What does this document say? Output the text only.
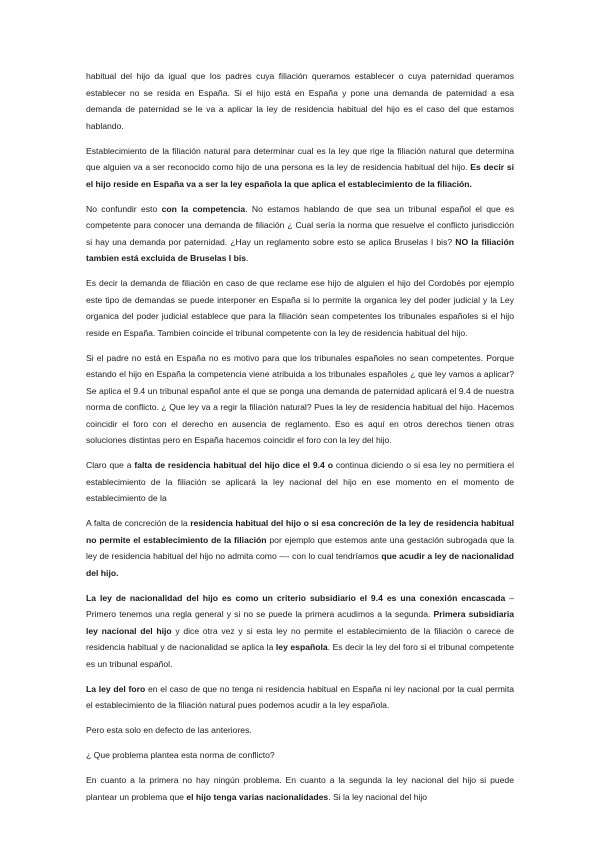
habitual del hijo da igual que los padres cuya filiación queramos establecer o cuya paternidad queramos establecer no se resida en España. Si el hijo está en España y pone una demanda de paternidad a esa demanda de paternidad se le va a aplicar la ley de residencia habitual del hijo es el caso del que estamos hablando.

Establecimiento de la filiación natural para determinar cual es la ley que rige la filiación natural que determina que alguien va a ser reconocido como hijo de una persona es la ley de residencia habitual del hijo. Es decir si el hijo reside en España va a ser la ley española la que aplica el establecimiento de la filiación.

No confundir esto con la competencia. No estamos hablando de que sea un tribunal español el que es competente para conocer una demanda de filiación ¿ Cual sería la norma que resuelve el conflicto jurisdicción si hay una demanda por paternidad. ¿Hay un reglamento sobre esto se aplica Bruselas I bis? NO la filiación tambien está excluida de Bruselas I bis.

Es decir la demanda de filiación en caso de que reclame ese hijo de alguien el hijo del Cordobés por ejemplo este tipo de demandas se puede interponer en España si lo permite la organica ley del poder judicial y la Ley organica del poder judicial establece que para la filiación sean competentes los tribunales españoles si el hijo reside en España. Tambien coincide el tribunal competente con la ley de residencia habitual del hijo.

Si el padre no está en España no es motivo para que los tribunales españoles no sean competentes. Porque estando el hijo en España la competencia viene atribuida a los tribunales españoles ¿ que ley vamos a aplicar? Se aplica el 9.4 un tribunal español ante el que se ponga una demanda de paternidad aplicará el 9.4 de nuestra norma de conflicto. ¿ Que ley va a regir la filiación natural? Pues la ley de residencia habitual del hijo. Hacemos coincidir el foro con el derecho en ausencia de reglamento. Eso es aquí en otros derechos tienen otras soluciones distintas pero en España hacemos coincidir el foro con la ley del hijo.

Claro que a falta de residencia habitual del hijo dice el 9.4 o continua diciendo o si esa ley no permitiera el establecimiento de la filiación se aplicará la ley nacional del hijo en ese momento en el momento de establecimiento de la

A falta de concreción de la residencia habitual del hijo o si esa concreción de la ley de residencia habitual no permite el establecimiento de la filiación por ejemplo que estemos ante una gestación subrogada que la ley de residencia habitual del hijo no admita como –-- con lo cual tendríamos que acudir a ley de nacionalidad del hijo.

La ley de nacionalidad del hijo es como un criterio subsidiario el 9.4 es una conexión encascada – Primero tenemos una regla general y si no se puede la primera acudimos a la segunda. Primera subsidiaria ley nacional del hijo y dice otra vez y si esta ley no permite el establecimiento de la filiación o carece de residencia habitual y de nacionalidad se aplica la ley española. Es decir la ley del foro si el tribunal competente es un tribunal español.

La ley del foro en el caso de que no tenga ni residencia habitual en España ni ley nacional por la cual permita el establecimiento de la filiación natural pues podemos acudir a la ley española.

Pero esta solo en defecto de las anteriores.

¿ Que problema plantea esta norma de conflicto?

En cuanto a la primera no hay ningún problema. En cuanto a la segunda la ley nacional del hijo si puede plantear un problema que el hijo tenga varias nacionalidades. Si la ley nacional del hijo
